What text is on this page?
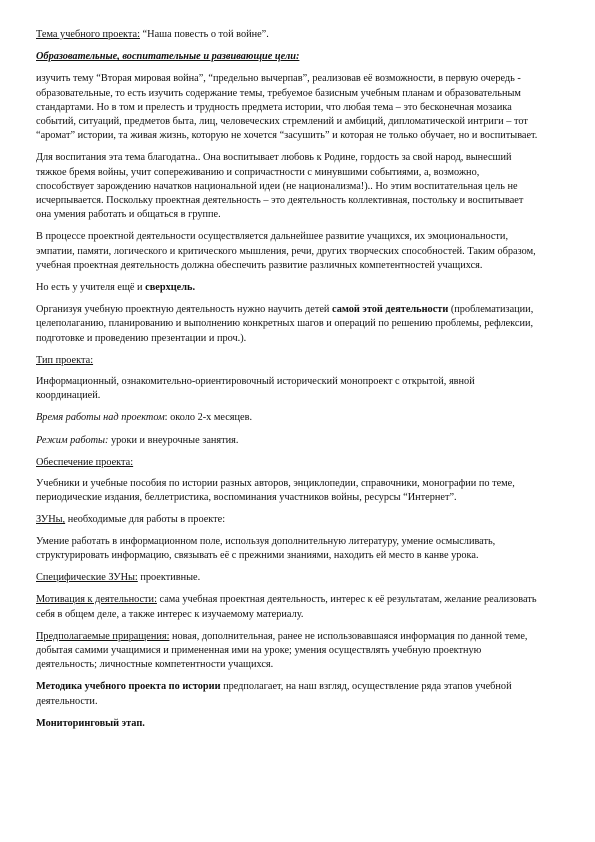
Тема учебного проекта: “Наша повесть о той войне”.

Образовательные, воспитательные и развивающие цели:

изучить тему “Вторая мировая война”, “предельно вычерпав”, реализовав её возможности, в первую очередь - образовательные, то есть изучить содержание темы, требуемое базисным учебным планам и образовательным стандартами. Но в том и прелесть и трудность предмета истории, что любая тема – это бесконечная мозаика событий, ситуаций, предметов быта, лиц, человеческих стремлений и амбиций, дипломатической интриги – тот “аромат” истории, та живая жизнь, которую не хочется “засушить” и которая не только обучает, но и воспитывает.

Для воспитания эта тема благодатна.. Она воспитывает любовь к Родине, гордость за свой народ, вынесший тяжкое бремя войны, учит сопереживанию и сопричастности с минувшими событиями, а, возможно, способствует зарождению начатков национальной идеи (не национализма!).. Но этим воспитательная цель не исчерпывается. Поскольку проектная деятельность – это деятельность коллективная, постольку и воспитывает она умения работать и общаться в группе.

В процессе проектной деятельности осуществляется дальнейшее развитие учащихся, их эмоциональности, эмпатии, памяти, логического и критического мышления, речи, других творческих способностей. Таким образом, учебная проектная деятельность должна обеспечить развитие различных компетентностей учащихся.

Но есть у учителя ещё и сверхцель.

Организуя учебную проектную деятельность нужно научить детей самой этой деятельности (проблематизации, целеполаганию, планированию и выполнению конкретных шагов и операций по решению проблемы, рефлексии, подготовке и проведению презентации и проч.).

Тип проекта:

Информационный, ознакомительно-ориентировочный исторический монопроект с открытой, явной координацией.

Время работы над проектом: около 2-х месяцев.

Режим работы: уроки и внеурочные занятия.

Обеспечение проекта:

Учебники и учебные пособия по истории разных авторов, энциклопедии, справочники, монографии по теме, периодические издания, беллетристика, воспоминания участников войны, ресурсы “Интернет”.

ЗУНы, необходимые для работы в проекте:

Умение работать в информационном поле, используя дополнительную литературу, умение осмысливать, структурировать информацию, связывать её с прежними знаниями, находить ей место в канве урока.

Специфические ЗУНы: проективные.

Мотивация к деятельности: сама учебная проектная деятельность, интерес к её результатам, желание реализовать себя в общем деле, а также интерес к изучаемому материалу.

Предполагаемые приращения: новая, дополнительная, ранее не использовавшаяся информация по данной теме, добытая самими учащимися и примененная ими на уроке; умения осуществлять учебную проектную деятельность; личностные компетентности учащихся.

Методика учебного проекта по истории предполагает, на наш взгляд, осуществление ряда этапов учебной деятельности.

Мониторинговый этап.
